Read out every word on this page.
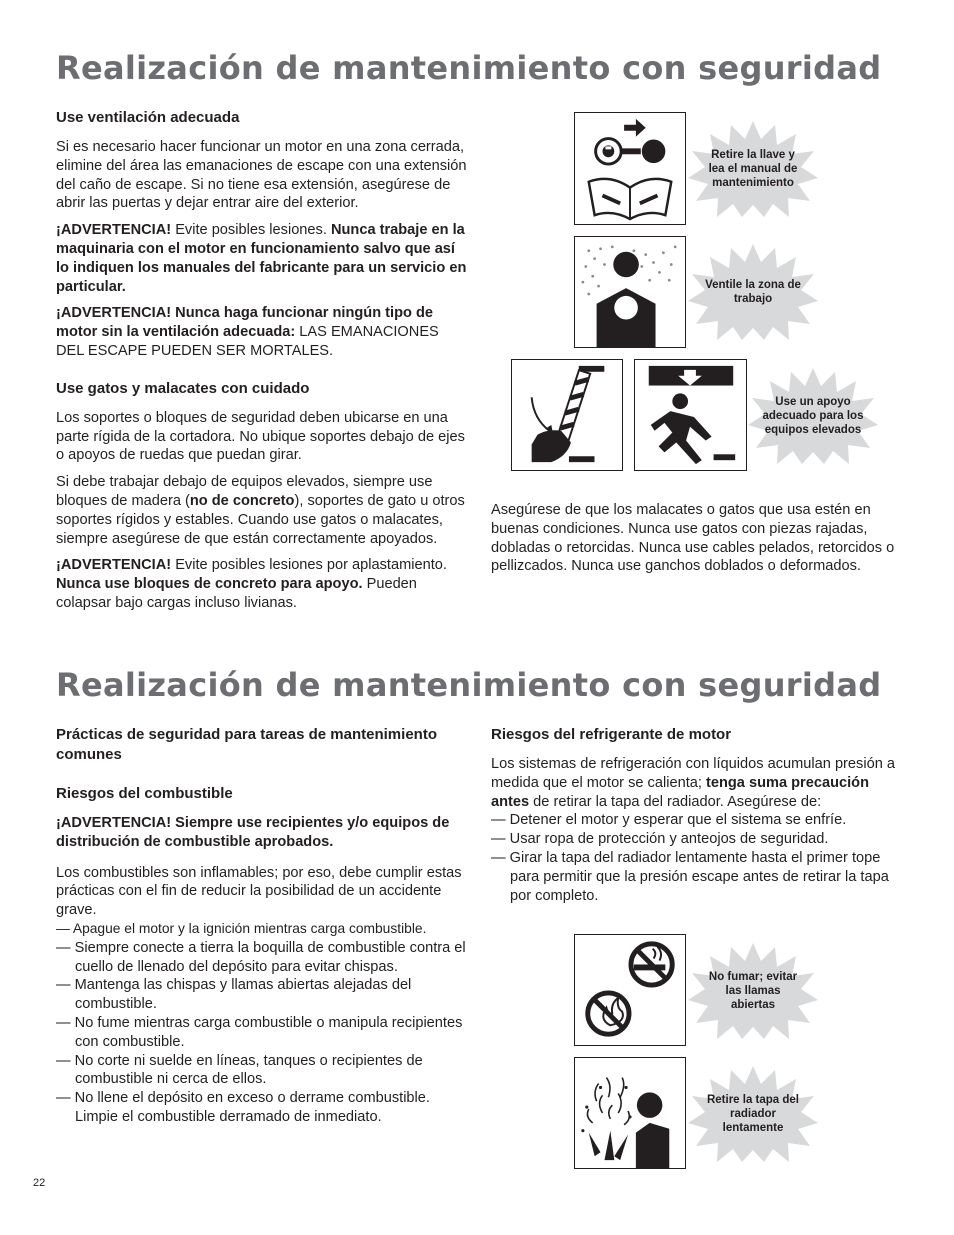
Realización de mantenimiento con seguridad
Use ventilación adecuada

Si es necesario hacer funcionar un motor en una zona cerrada, elimine del área las emanaciones de escape con una extensión del caño de escape. Si no tiene esa extensión, asegúrese de abrir las puertas y dejar entrar aire del exterior.

¡ADVERTENCIA! Evite posibles lesiones. Nunca trabaje en la maquinaria con el motor en funcionamiento salvo que así lo indiquen los manuales del fabricante para un servicio en particular.

¡ADVERTENCIA! Nunca haga funcionar ningún tipo de motor sin la ventilación adecuada: LAS EMANACIONES DEL ESCAPE PUEDEN SER MORTALES.

Use gatos y malacates con cuidado

Los soportes o bloques de seguridad deben ubicarse en una parte rígida de la cortadora. No ubique soportes debajo de ejes o apoyos de ruedas que puedan girar.

Si debe trabajar debajo de equipos elevados, siempre use bloques de madera (no de concreto), soportes de gato u otros soportes rígidos y estables. Cuando use gatos o malacates, siempre asegúrese de que están correctamente apoyados.

¡ADVERTENCIA! Evite posibles lesiones por aplastamiento. Nunca use bloques de concreto para apoyo. Pueden colapsar bajo cargas incluso livianas.

Retire la llave y lea el manual de mantenimiento
Ventile la zona de trabajo
Use un apoyo adecuado para los equipos elevados

Asegúrese de que los malacates o gatos que usa estén en buenas condiciones. Nunca use gatos con piezas rajadas, dobladas o retorcidas. Nunca use cables pelados, retorcidos o pellizcados. Nunca use ganchos doblados o deformados.

Realización de mantenimiento con seguridad
Prácticas de seguridad para tareas de mantenimiento comunes
Riesgos del combustible

¡ADVERTENCIA! Siempre use recipientes y/o equipos de distribución de combustible aprobados.

Los combustibles son inflamables; por eso, debe cumplir estas prácticas con el fin de reducir la posibilidad de un accidente grave.

— Apague el motor y la ignición mientras carga combustible.
— Siempre conecte a tierra la boquilla de combustible contra el cuello de llenado del depósito para evitar chispas.
— Mantenga las chispas y llamas abiertas alejadas del combustible.
— No fume mientras carga combustible o manipula recipientes con combustible.
— No corte ni suelde en líneas, tanques o recipientes de combustible ni cerca de ellos.
— No llene el depósito en exceso o derrame combustible. Limpie el combustible derramado de inmediato.
Riesgos del refrigerante de motor

Los sistemas de refrigeración con líquidos acumulan presión a medida que el motor se calienta; tenga suma precaución antes de retirar la tapa del radiador. Asegúrese de:

— Detener el motor y esperar que el sistema se enfríe.
— Usar ropa de protección y anteojos de seguridad.
— Girar la tapa del radiador lentamente hasta el primer tope para permitir que la presión escape antes de retirar la tapa por completo.
No fumar; evitar las llamas abiertas
Retire la tapa del radiador lentamente
22
